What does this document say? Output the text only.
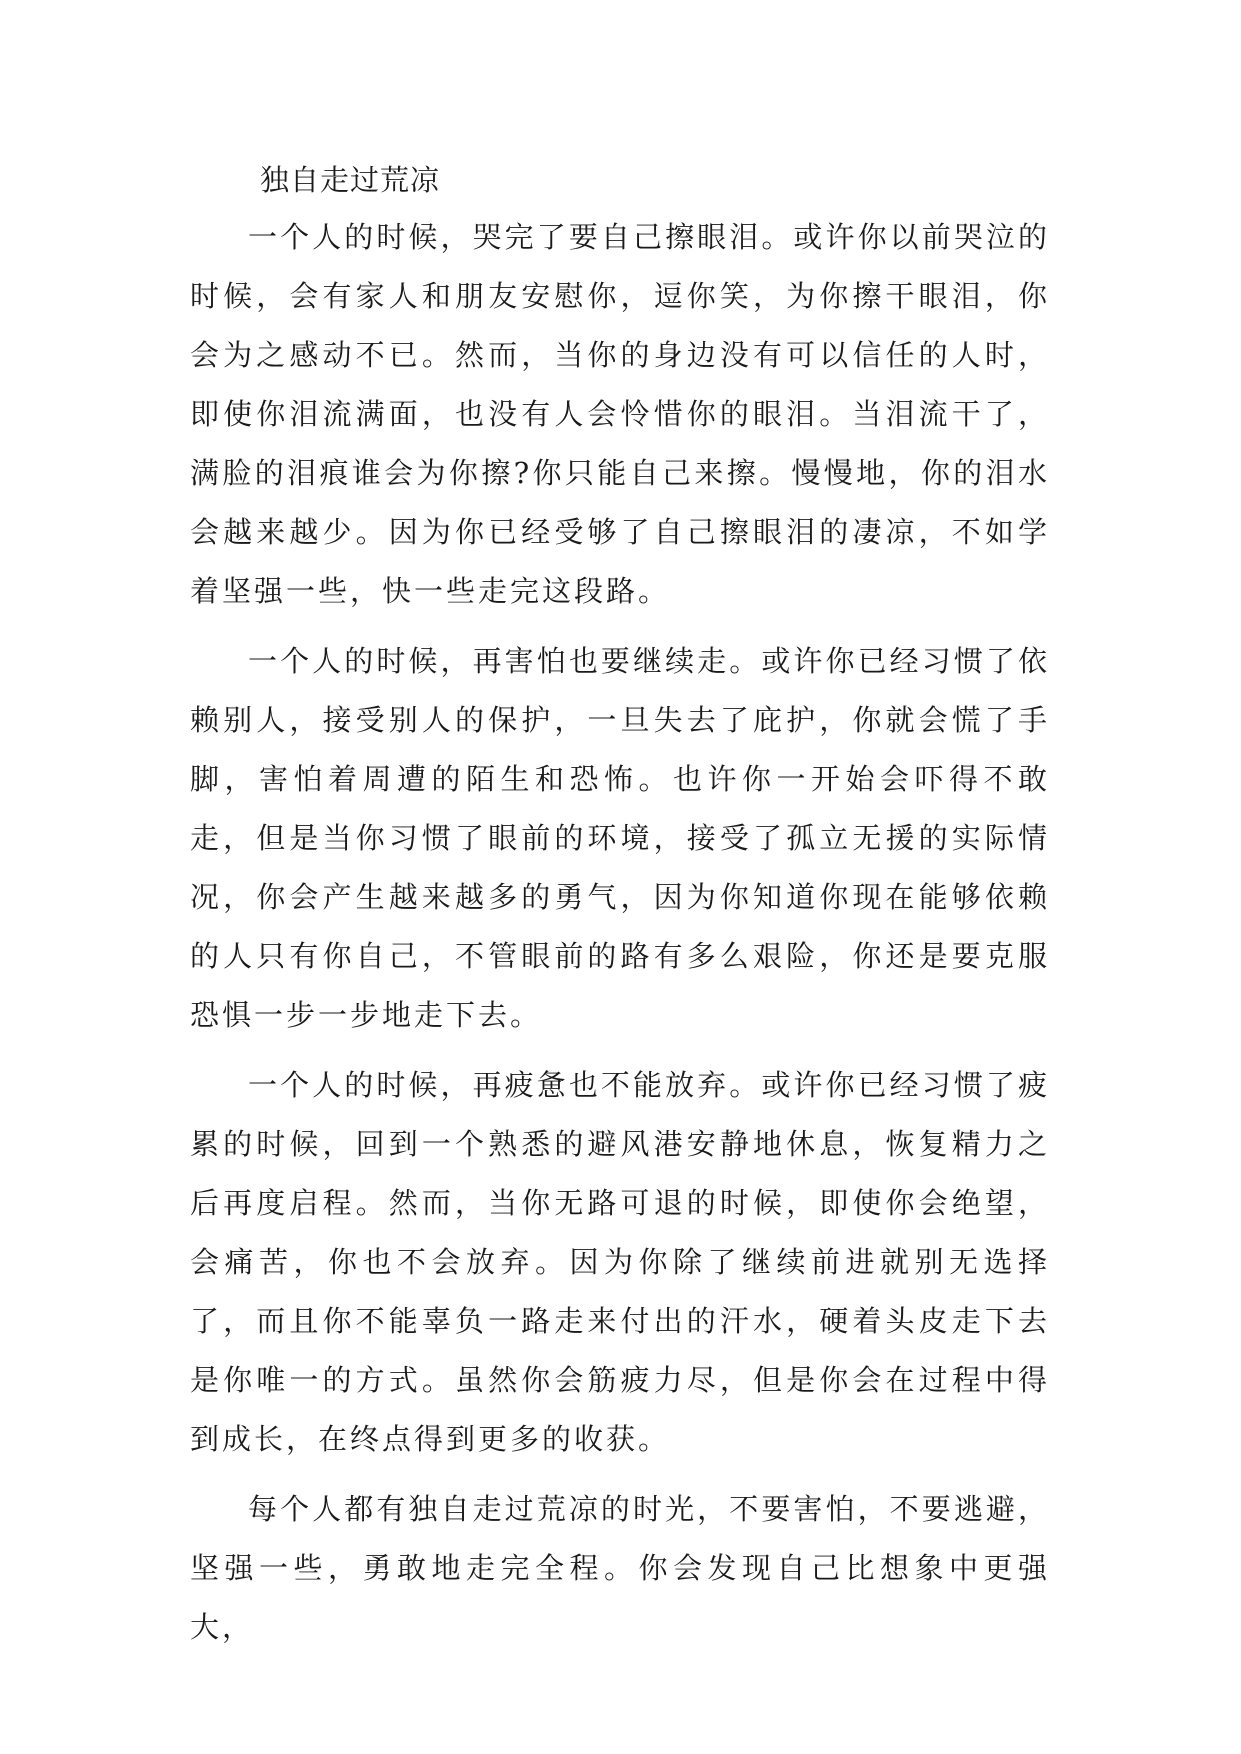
独自走过荒凉

一个人的时候，哭完了要自己擦眼泪。或许你以前哭泣的时候，会有家人和朋友安慰你，逗你笑，为你擦干眼泪，你会为之感动不已。然而，当你的身边没有可以信任的人时，即使你泪流满面，也没有人会怜惜你的眼泪。当泪流干了，满脸的泪痕谁会为你擦?你只能自己来擦。慢慢地，你的泪水会越来越少。因为你已经受够了自己擦眼泪的凄凉，不如学着坚强一些，快一些走完这段路。

一个人的时候，再害怕也要继续走。或许你已经习惯了依赖别人，接受别人的保护，一旦失去了庇护，你就会慌了手脚，害怕着周遭的陌生和恐怖。也许你一开始会吓得不敢走，但是当你习惯了眼前的环境，接受了孤立无援的实际情况，你会产生越来越多的勇气，因为你知道你现在能够依赖的人只有你自己，不管眼前的路有多么艰险，你还是要克服恐惧一步一步地走下去。

一个人的时候，再疲惫也不能放弃。或许你已经习惯了疲累的时候，回到一个熟悉的避风港安静地休息，恢复精力之后再度启程。然而，当你无路可退的时候，即使你会绝望，会痛苦，你也不会放弃。因为你除了继续前进就别无选择了，而且你不能辜负一路走来付出的汗水，硬着头皮走下去是你唯一的方式。虽然你会筋疲力尽，但是你会在过程中得到成长，在终点得到更多的收获。

每个人都有独自走过荒凉的时光，不要害怕，不要逃避，坚强一些，勇敢地走完全程。你会发现自己比想象中更强大，
